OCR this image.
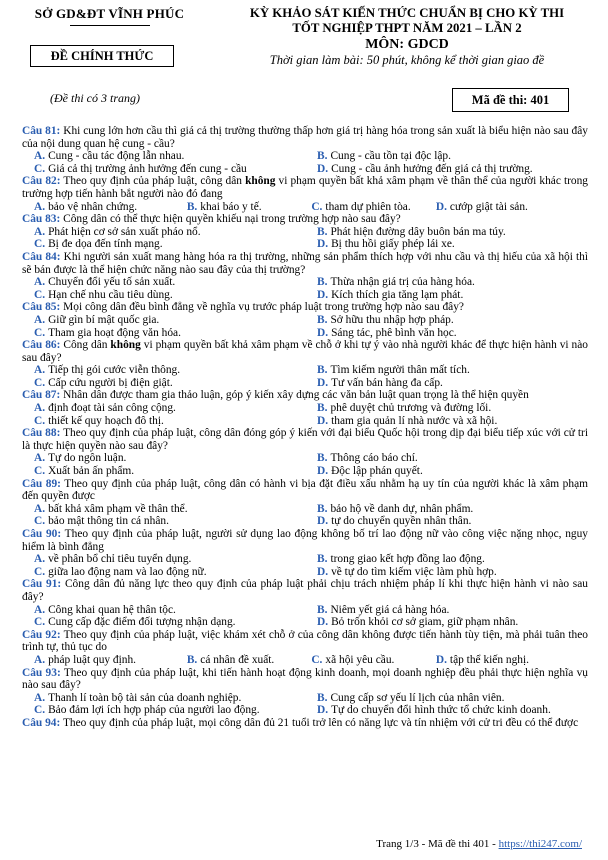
SỞ GD&ĐT VĨNH PHÚC
ĐỀ CHÍNH THỨC
(Đề thi có 3 trang)
KỲ KHẢO SÁT KIẾN THỨC CHUẨN BỊ CHO KỲ THI
TỐT NGHIỆP THPT NĂM 2021 – LẦN 2
MÔN: GDCD
Thời gian làm bài: 50 phút, không kể thời gian giao đề
Mã đề thi: 401
Câu 81: Khi cung lớn hơn cầu thì giá cả thị trường thường thấp hơn giá trị hàng hóa trong sản xuất là biểu hiện nào sau đây của nội dung quan hệ cung - cầu?
A. Cung - cầu tác động lẫn nhau.	B. Cung - cầu tồn tại độc lập.
C. Giá cả thị trường ảnh hưởng đến cung - cầu	D. Cung - cầu ảnh hưởng đến giá cả thị trường.
Câu 82: Theo quy định của pháp luật, công dân không vi phạm quyền bất khả xâm phạm về thân thể của người khác trong trường hợp tiến hành bắt người nào đó đang
A. bảo vệ nhân chứng.	B. khai báo y tế.	C. tham dự phiên tòa. D. cướp giật tài sản.
Câu 83: Công dân có thể thực hiện quyền khiếu nại trong trường hợp nào sau đây?
A. Phát hiện cơ sở sản xuất pháo nổ.	B. Phát hiện đường dây buôn bán ma túy.
C. Bị đe dọa đến tính mạng.	D. Bị thu hồi giấy phép lái xe.
Câu 84: Khi người sản xuất mang hàng hóa ra thị trường, những sản phẩm thích hợp với nhu cầu và thị hiếu của xã hội thì sẽ bán được là thể hiện chức năng nào sau đây của thị trường?
A. Chuyển đổi yếu tố sản xuất.	B. Thừa nhận giá trị của hàng hóa.
C. Hạn chế nhu cầu tiêu dùng.	D. Kích thích gia tăng lạm phát.
Câu 85: Mọi công dân đều bình đẳng về nghĩa vụ trước pháp luật trong trường hợp nào sau đây?
A. Giữ gìn bí mật quốc gia.	B. Sở hữu thu nhập hợp pháp.
C. Tham gia hoạt động văn hóa.	D. Sáng tác, phê bình văn học.
Câu 86: Công dân không vi phạm quyền bất khả xâm phạm về chỗ ở khi tự ý vào nhà người khác để thực hiện hành vi nào sau đây?
A. Tiếp thị gói cước viễn thông.	B. Tìm kiếm người thân mất tích.
C. Cấp cứu người bị điện giật.	D. Tư vấn bán hàng đa cấp.
Câu 87: Nhân dân được tham gia thảo luận, góp ý kiến xây dựng các văn bản luật quan trọng là thể hiện quyền
A. định đoạt tài sản công cộng.	B. phê duyệt chủ trương và đường lối.
C. thiết kế quy hoạch đô thị.	D. tham gia quản lí nhà nước và xã hội.
Câu 88: Theo quy định của pháp luật, công dân đóng góp ý kiến với đại biểu Quốc hội trong dịp đại biểu tiếp xúc với cử tri là thực hiện quyền nào sau đây?
A. Tự do ngôn luận.	B. Thông cáo báo chí.
C. Xuất bản ấn phẩm.	D. Độc lập phán quyết.
Câu 89: Theo quy định của pháp luật, công dân có hành vi bịa đặt điều xấu nhằm hạ uy tín của người khác là xâm phạm đến quyền được
A. bất khả xâm phạm về thân thể.	B. bảo hộ về danh dự, nhân phẩm.
C. bảo mật thông tin cá nhân.	D. tự do chuyển quyền nhân thân.
Câu 90: Theo quy định của pháp luật, người sử dụng lao động không bố trí lao động nữ vào công việc nặng nhọc, nguy hiểm là bình đẳng
A. về phân bổ chỉ tiêu tuyển dụng.	B. trong giao kết hợp đồng lao động.
C. giữa lao động nam và lao động nữ.	D. về tự do tìm kiếm việc làm phù hợp.
Câu 91: Công dân đủ năng lực theo quy định của pháp luật phải chịu trách nhiệm pháp lí khi thực hiện hành vi nào sau đây?
A. Công khai quan hệ thân tộc.	B. Niêm yết giá cả hàng hóa.
C. Cung cấp đặc điểm đối tượng nhận dạng.	D. Bỏ trốn khỏi cơ sở giam, giữ phạm nhân.
Câu 92: Theo quy định của pháp luật, việc khám xét chỗ ở của công dân không được tiến hành tùy tiện, mà phải tuân theo trình tự, thủ tục do
A. pháp luật quy định.	B. cá nhân đề xuất.	C. xã hội yêu cầu.	D. tập thể kiến nghị.
Câu 93: Theo quy định của pháp luật, khi tiến hành hoạt động kinh doanh, mọi doanh nghiệp đều phải thực hiện nghĩa vụ nào sau đây?
A. Thanh lí toàn bộ tài sản của doanh nghiệp.	B. Cung cấp sơ yếu lí lịch của nhân viên.
C. Bảo đảm lợi ích hợp pháp của người lao động.	D. Tự do chuyển đổi hình thức tổ chức kinh doanh.
Câu 94: Theo quy định của pháp luật, mọi công dân đủ 21 tuổi trở lên có năng lực và tín nhiệm với cử tri đều có thể được
Trang 1/3 - Mã đề thi 401 - https://thi247.com/
